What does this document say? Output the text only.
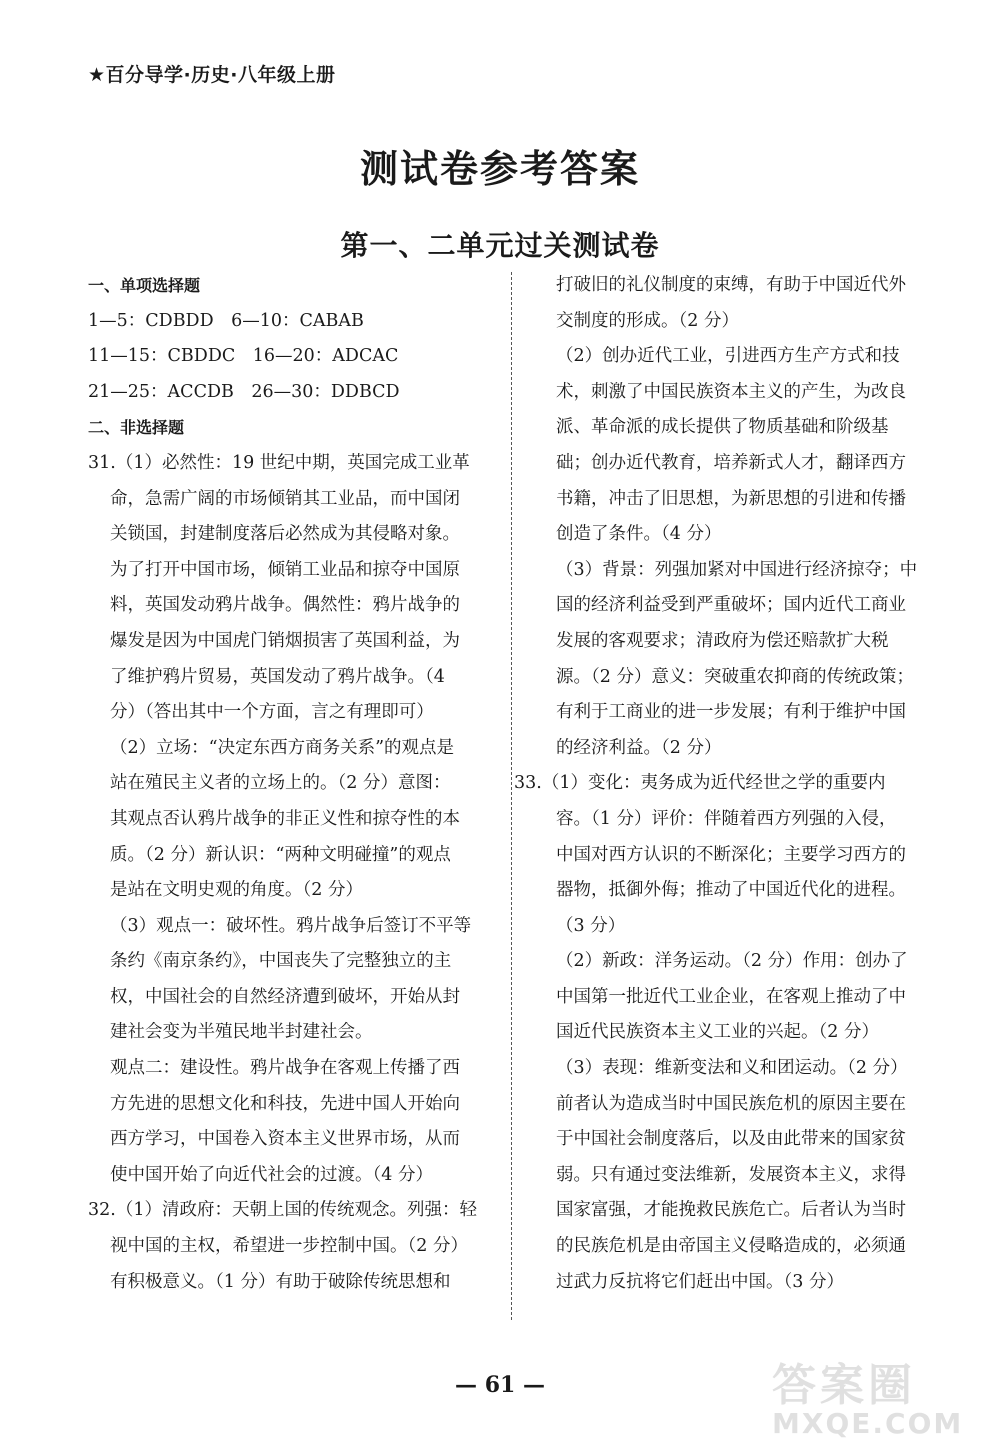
★百分导学·历史·八年级上册
测试卷参考答案
第一、二单元过关测试卷
一、单项选择题
1—5：CDBDD　6—10：CABAB
11—15：CBDDC　16—20：ADCAC
21—25：ACCDB　26—30：DDBCD
二、非选择题
31.（1）必然性：19 世纪中期，英国完成工业革
命，急需广阔的市场倾销其工业品，而中国闭
关锁国，封建制度落后必然成为其侵略对象。
为了打开中国市场，倾销工业品和掠夺中国原
料，英国发动鸦片战争。偶然性：鸦片战争的
爆发是因为中国虎门销烟损害了英国利益，为
了维护鸦片贸易，英国发动了鸦片战争。（4
分）（答出其中一个方面，言之有理即可）
（2）立场：“决定东西方商务关系”的观点是
站在殖民主义者的立场上的。（2 分）意图：
其观点否认鸦片战争的非正义性和掠夺性的本
质。（2 分）新认识：“两种文明碰撞”的观点
是站在文明史观的角度。（2 分）
（3）观点一：破坏性。鸦片战争后签订不平等
条约《南京条约》，中国丧失了完整独立的主
权，中国社会的自然经济遭到破坏，开始从封
建社会变为半殖民地半封建社会。
观点二：建设性。鸦片战争在客观上传播了西
方先进的思想文化和科技，先进中国人开始向
西方学习，中国卷入资本主义世界市场，从而
使中国开始了向近代社会的过渡。（4 分）
32.（1）清政府：天朝上国的传统观念。列强：轻
视中国的主权，希望进一步控制中国。（2 分）
有积极意义。（1 分）有助于破除传统思想和
打破旧的礼仪制度的束缚，有助于中国近代外
交制度的形成。（2 分）
（2）创办近代工业，引进西方生产方式和技
术，刺激了中国民族资本主义的产生，为改良
派、革命派的成长提供了物质基础和阶级基
础；创办近代教育，培养新式人才，翻译西方
书籍，冲击了旧思想，为新思想的引进和传播
创造了条件。（4 分）
（3）背景：列强加紧对中国进行经济掠夺；中
国的经济利益受到严重破坏；国内近代工商业
发展的客观要求；清政府为偿还赔款扩大税
源。（2 分）意义：突破重农抑商的传统政策；
有利于工商业的进一步发展；有利于维护中国
的经济利益。（2 分）
33.（1）变化：夷务成为近代经世之学的重要内
容。（1 分）评价：伴随着西方列强的入侵，
中国对西方认识的不断深化；主要学习西方的
器物，抵御外侮；推动了中国近代化的进程。
（3 分）
（2）新政：洋务运动。（2 分）作用：创办了
中国第一批近代工业企业，在客观上推动了中
国近代民族资本主义工业的兴起。（2 分）
（3）表现：维新变法和义和团运动。（2 分）
前者认为造成当时中国民族危机的原因主要在
于中国社会制度落后，以及由此带来的国家贫
弱。只有通过变法维新，发展资本主义，求得
国家富强，才能挽救民族危亡。后者认为当时
的民族危机是由帝国主义侵略造成的，必须通
过武力反抗将它们赶出中国。（3 分）
— 61 —	答案圈
MXQE.COM
